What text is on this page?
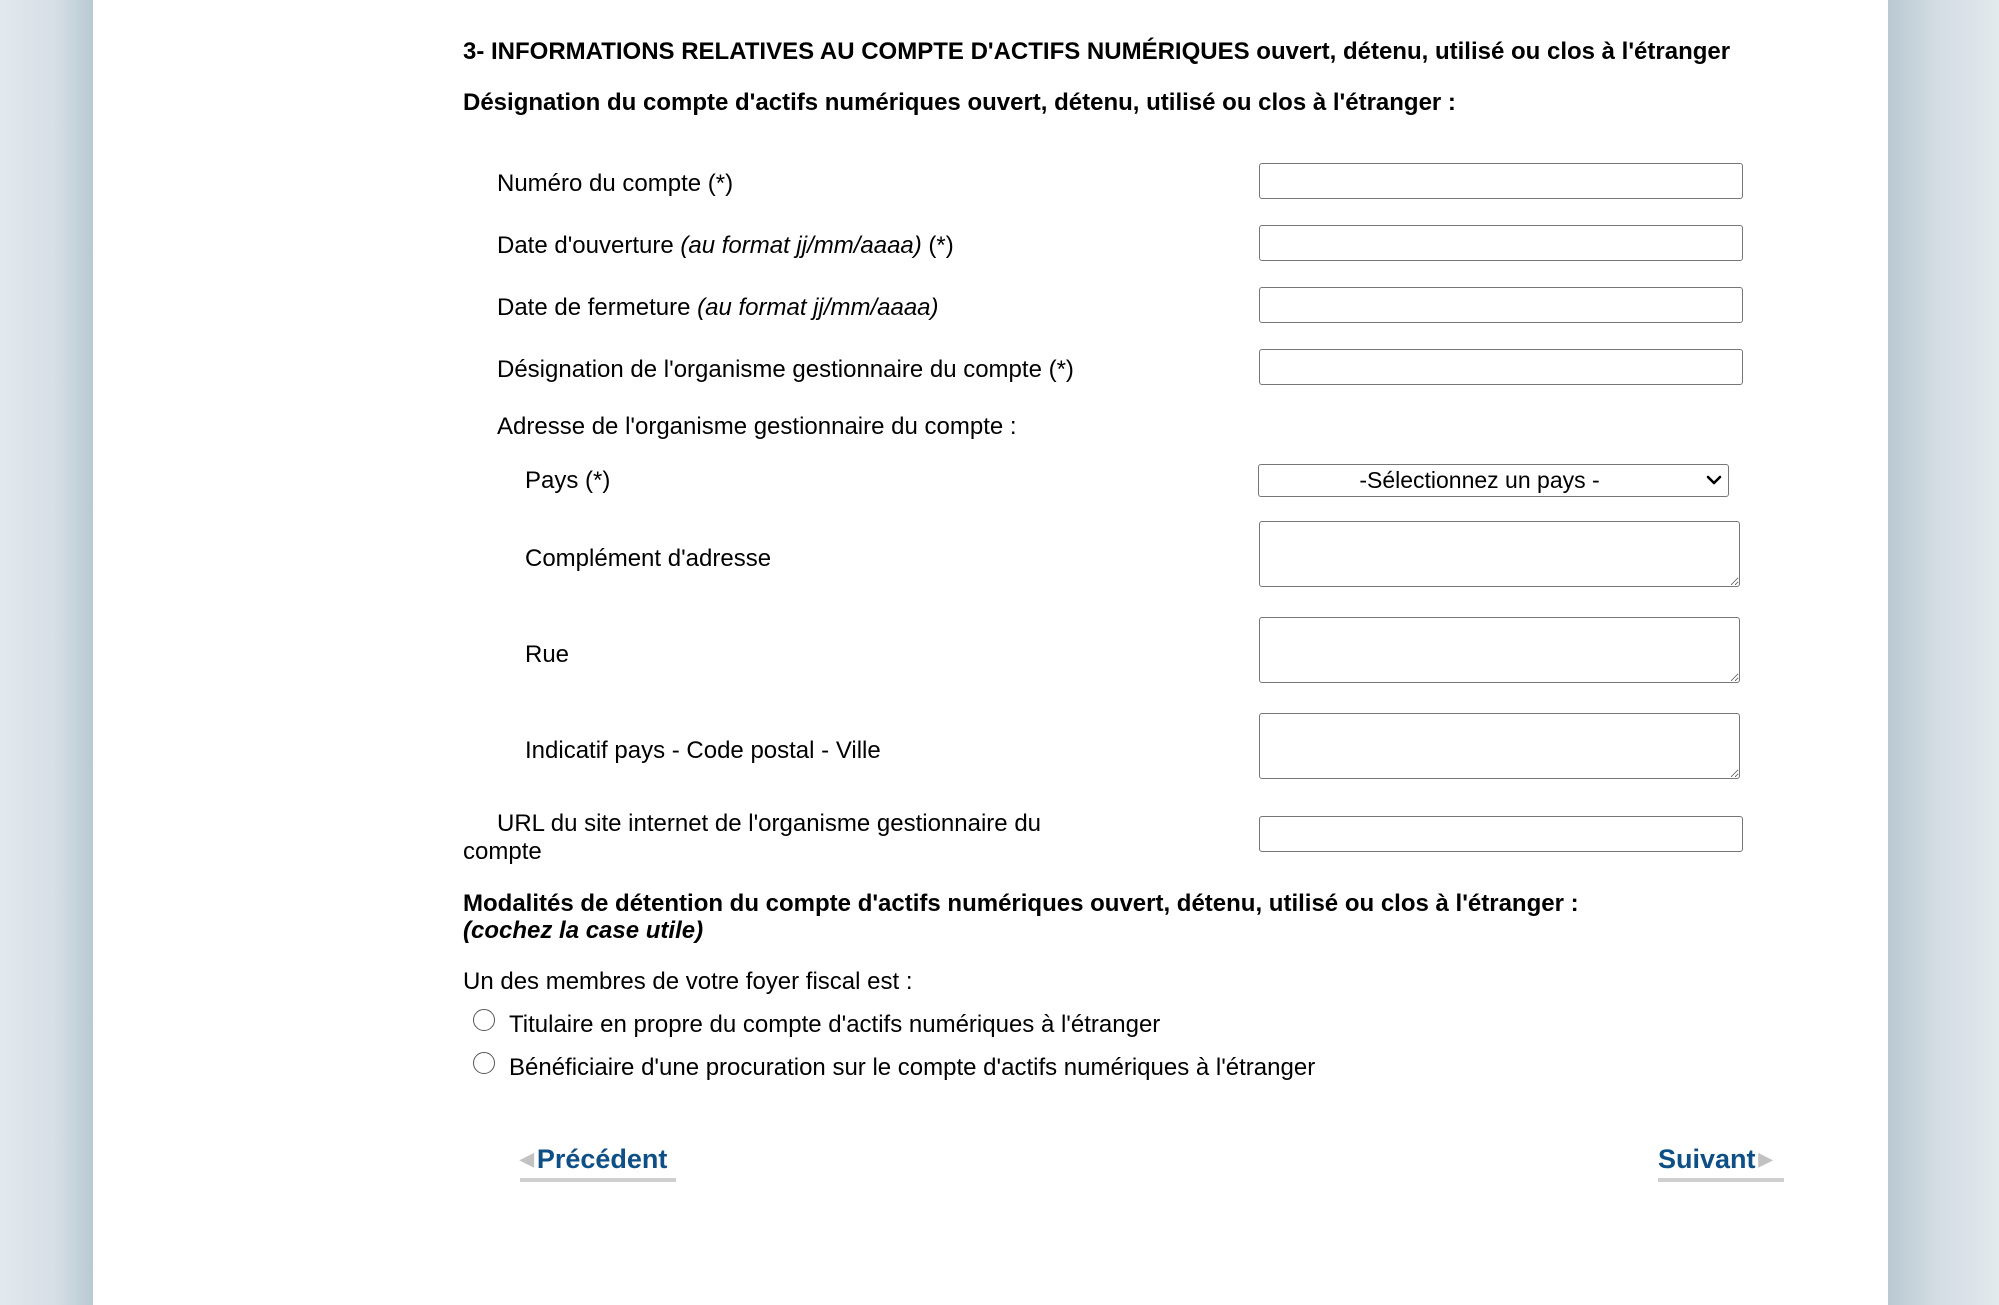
3- INFORMATIONS RELATIVES AU COMPTE D'ACTIFS NUMÉRIQUES ouvert, détenu, utilisé ou clos à l'étranger
Désignation du compte d'actifs numériques ouvert, détenu, utilisé ou clos à l'étranger :
Numéro du compte (*)
Date d'ouverture (au format jj/mm/aaaa) (*)
Date de fermeture (au format jj/mm/aaaa)
Désignation de l'organisme gestionnaire du compte (*)
Adresse de l'organisme gestionnaire du compte :
Pays (*)	-Sélectionnez un pays -
Complément d'adresse
Rue
Indicatif pays - Code postal - Ville
URL du site internet de l'organisme gestionnaire du
compte
Modalités de détention du compte d'actifs numériques ouvert, détenu, utilisé ou clos à l'étranger :
(cochez la case utile)
Un des membres de votre foyer fiscal est :
Titulaire en propre du compte d'actifs numériques à l'étranger
Bénéficiaire d'une procuration sur le compte d'actifs numériques à l'étranger
◀ Précédent	Suivant ▶
